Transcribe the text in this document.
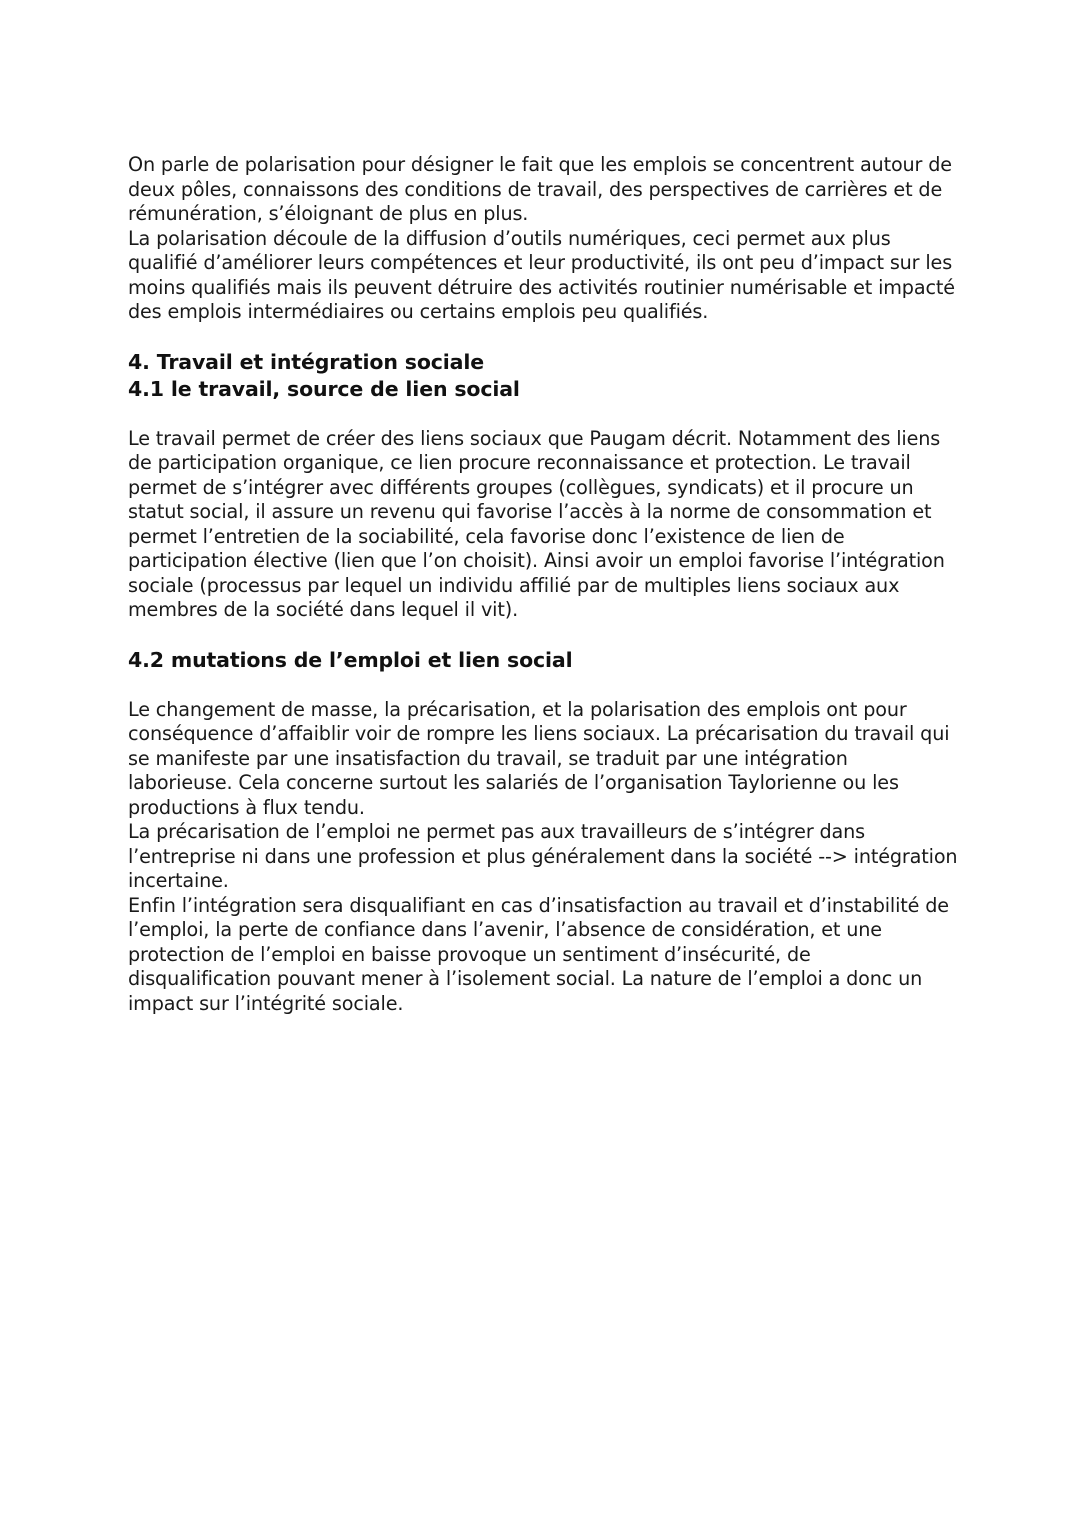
On parle de polarisation pour désigner le fait que les emplois se concentrent autour de deux pôles, connaissons des conditions de travail, des perspectives de carrières et de rémunération, s’éloignant de plus en plus.

La polarisation découle de la diffusion d’outils numériques, ceci permet aux plus qualifié d’améliorer leurs compétences et leur productivité, ils ont peu d’impact sur les moins qualifiés mais ils peuvent détruire des activités routinier numérisable et impacté des emplois intermédiaires ou certains emplois peu qualifiés.

4. Travail et intégration sociale
4.1 le travail, source de lien social

Le travail permet de créer des liens sociaux que Paugam décrit. Notamment des liens de participation organique, ce lien procure reconnaissance et protection. Le travail permet de s’intégrer avec différents groupes (collègues, syndicats) et il procure un statut social, il assure un revenu qui favorise l’accès à la norme de consommation et permet l’entretien de la sociabilité, cela favorise donc l’existence de lien de participation élective (lien que l’on choisit). Ainsi avoir un emploi favorise l’intégration sociale (processus par lequel un individu affilié par de multiples liens sociaux aux membres de la société dans lequel il vit).

4.2 mutations de l’emploi et lien social

Le changement de masse, la précarisation, et la polarisation des emplois ont pour conséquence d’affaiblir voir de rompre les liens sociaux. La précarisation du travail qui se manifeste par une insatisfaction du travail, se traduit par une intégration laborieuse. Cela concerne surtout les salariés de l’organisation Taylorienne ou les productions à flux tendu.

La précarisation de l’emploi ne permet pas aux travailleurs de s’intégrer dans l’entreprise ni dans une profession et plus généralement dans la société --> intégration incertaine.

Enfin l’intégration sera disqualifiant en cas d’insatisfaction au travail et d’instabilité de l’emploi, la perte de confiance dans l’avenir, l’absence de considération, et une protection de l’emploi en baisse provoque un sentiment d’insécurité, de disqualification pouvant mener à l’isolement social. La nature de l’emploi a donc un impact sur l’intégrité sociale.
